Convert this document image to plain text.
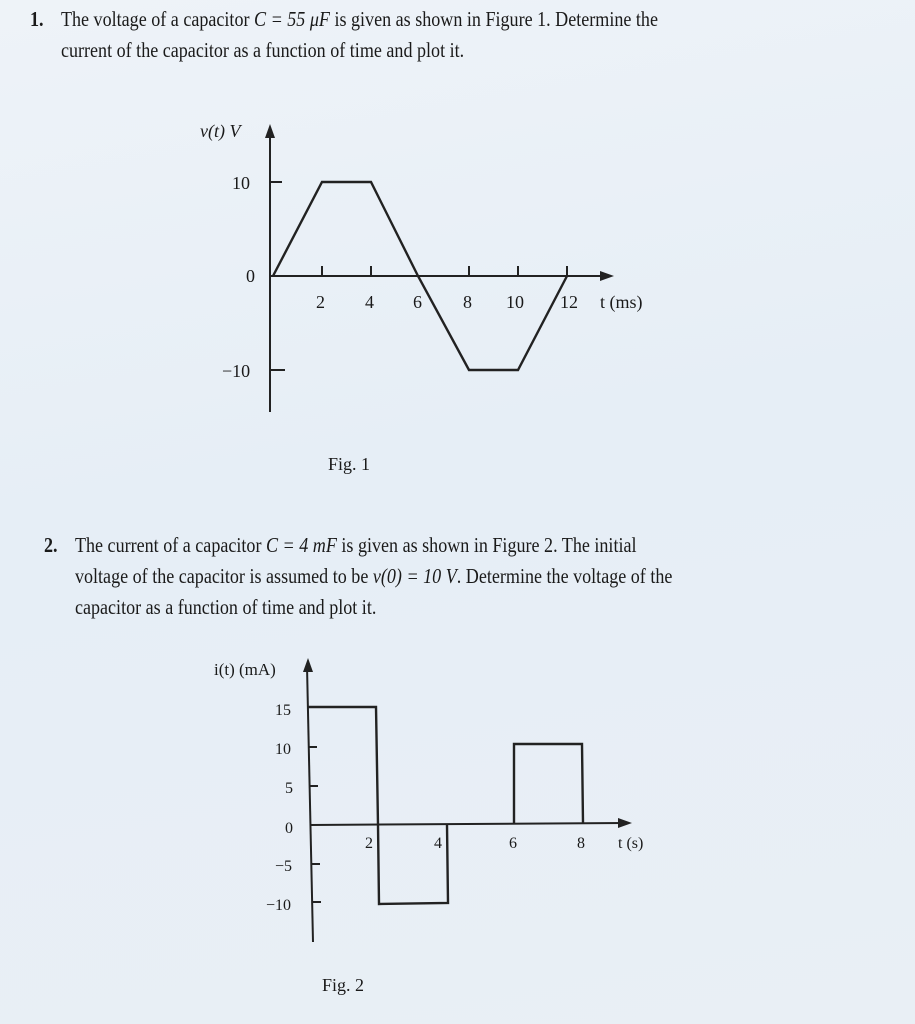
1. The voltage of a capacitor C = 55 μF is given as shown in Figure 1. Determine the
current of the capacitor as a function of time and plot it.
v(t) V
10
0
−10
2 4 6 8 10 12 t (ms)
Fig. 1
2. The current of a capacitor C = 4 mF is given as shown in Figure 2. The initial
voltage of the capacitor is assumed to be v(0) = 10 V. Determine the voltage of the
capacitor as a function of time and plot it.
i(t) (mA)
15
10
5
0
−5
−10
2	4	6	8 t (s)
Fig. 2
